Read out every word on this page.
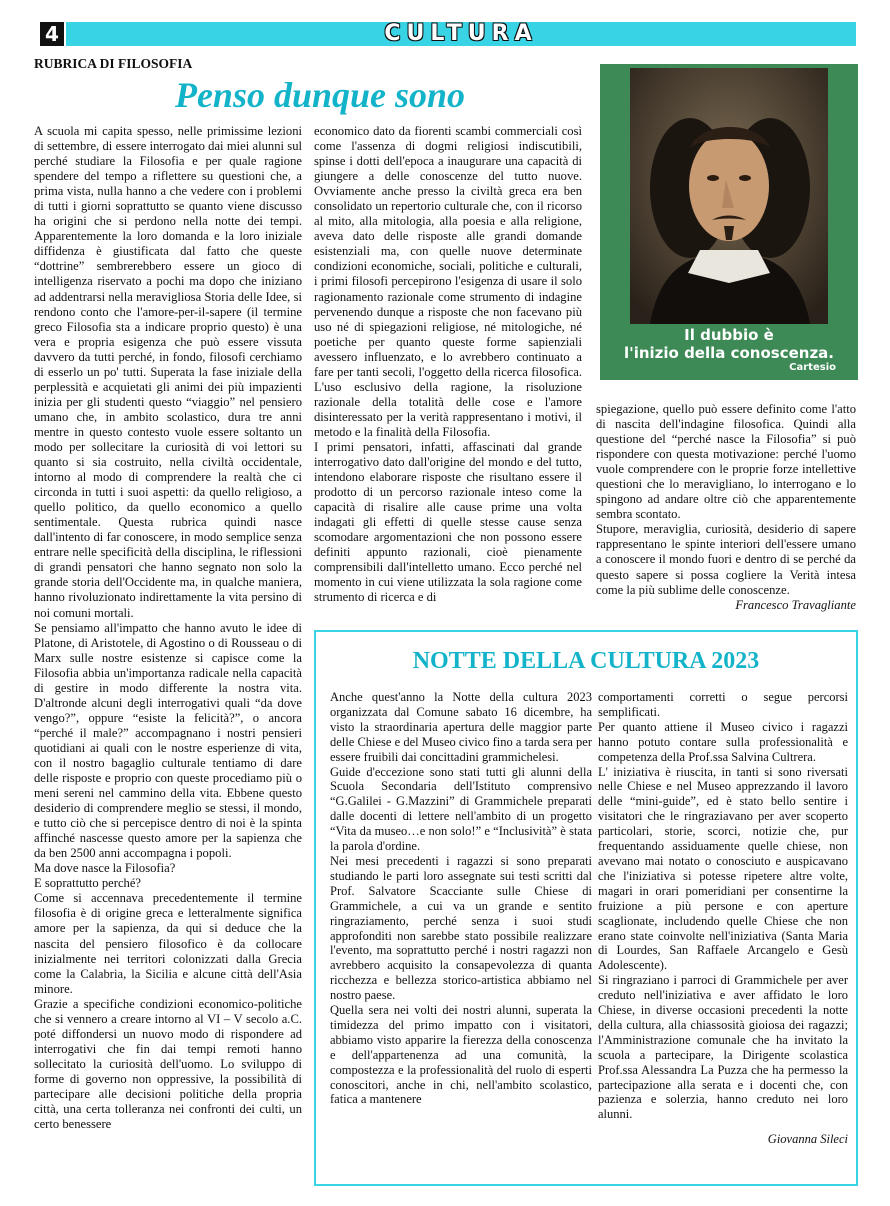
4	CULTURA
RUBRICA DI FILOSOFIA
Penso dunque sono

A scuola mi capita spesso, nelle primissime lezioni di settembre, di essere interrogato dai miei alunni sul perché studiare la Filosofia e per quale ragione spendere del tempo a riflettere su questioni che, a prima vista, nulla hanno a che vedere con i problemi di tutti i giorni soprattutto se quanto viene discusso ha origini che si perdono nella notte dei tempi. Apparentemente la loro domanda e la loro iniziale diffidenza è giustificata dal fatto che queste “dottrine” sembrerebbero essere un gioco di intelligenza riservato a pochi ma dopo che iniziano ad addentrarsi nella meravigliosa Storia delle Idee, si rendono conto che l'amore-per-il-sapere (il termine greco Filosofia sta a indicare proprio questo) è una vera e propria esigenza che può essere vissuta davvero da tutti perché, in fondo, filosofi cerchiamo di esserlo un po' tutti. Superata la fase iniziale della perplessità e acquietati gli animi dei più impazienti inizia per gli studenti questo “viaggio” nel pensiero umano che, in ambito scolastico, dura tre anni mentre in questo contesto vuole essere soltanto un modo per sollecitare la curiosità di voi lettori su quanto si sia costruito, nella civiltà occidentale, intorno al modo di comprendere la realtà che ci circonda in tutti i suoi aspetti: da quello religioso, a quello politico, da quello economico a quello sentimentale. Questa rubrica quindi nasce dall'intento di far conoscere, in modo semplice senza entrare nelle specificità della disciplina, le riflessioni di grandi pensatori che hanno segnato non solo la grande storia dell'Occidente ma, in qualche maniera, hanno rivoluzionato indirettamente la vita persino di noi comuni mortali.

Se pensiamo all'impatto che hanno avuto le idee di Platone, di Aristotele, di Agostino o di Rousseau o di Marx sulle nostre esistenze si capisce come la Filosofia abbia un'importanza radicale nella capacità di gestire in modo differente la nostra vita. D'altronde alcuni degli interrogativi quali “da dove vengo?”, oppure “esiste la felicità?”, o ancora “perché il male?” accompagnano i nostri pensieri quotidiani ai quali con le nostre esperienze di vita, con il nostro bagaglio culturale tentiamo di dare delle risposte e proprio con queste procediamo più o meni sereni nel cammino della vita. Ebbene questo desiderio di comprendere meglio se stessi, il mondo, e tutto ciò che si percepisce dentro di noi è la spinta affinché nascesse questo amore per la sapienza che da ben 2500 anni accompagna i popoli.

Ma dove nasce la Filosofia?

E soprattutto perché?

Come si accennava precedentemente il termine filosofia è di origine greca e letteralmente significa amore per la sapienza, da qui si deduce che la nascita del pensiero filosofico è da collocare inizialmente nei territori colonizzati dalla Grecia come la Calabria, la Sicilia e alcune città dell'Asia minore.

Grazie a specifiche condizioni economico-politiche che si vennero a creare intorno al VI – V secolo a.C. poté diffondersi un nuovo modo di rispondere ad interrogativi che fin dai tempi remoti hanno sollecitato la curiosità dell'uomo. Lo sviluppo di forme di governo non oppressive, la possibilità di partecipare alle decisioni politiche della propria città, una certa tolleranza nei confronti dei culti, un certo benessere

economico dato da fiorenti scambi commerciali così come l'assenza di dogmi religiosi indiscutibili, spinse i dotti dell'epoca a inaugurare una capacità di giungere a delle conoscenze del tutto nuove. Ovviamente anche presso la civiltà greca era ben consolidato un repertorio culturale che, con il ricorso al mito, alla mitologia, alla poesia e alla religione, aveva dato delle risposte alle grandi domande esistenziali ma, con quelle nuove determinate condizioni economiche, sociali, politiche e culturali, i primi filosofi percepirono l'esigenza di usare il solo ragionamento razionale come strumento di indagine pervenendo dunque a risposte che non facevano più uso né di spiegazioni religiose, né mitologiche, né poetiche per quanto queste forme sapienziali avessero influenzato, e lo avrebbero continuato a fare per tanti secoli, l'oggetto della ricerca filosofica. L'uso esclusivo della ragione, la risoluzione razionale della totalità delle cose e l'amore disinteressato per la verità rappresentano i motivi, il metodo e la finalità della Filosofia.

I primi pensatori, infatti, affascinati dal grande interrogativo dato dall'origine del mondo e del tutto, intendono elaborare risposte che risultano essere il prodotto di un percorso razionale inteso come la capacità di risalire alle cause prime una volta indagati gli effetti di quelle stesse cause senza scomodare argomentazioni che non possono essere definiti appunto razionali, cioè pienamente comprensibili dall'intelletto umano. Ecco perché nel momento in cui viene utilizzata la sola ragione come strumento di ricerca e di

Il dubbio è
l'inizio della conoscenza.
Cartesio

spiegazione, quello può essere definito come l'atto di nascita dell'indagine filosofica. Quindi alla questione del “perché nasce la Filosofia” si può rispondere con questa motivazione: perché l'uomo vuole comprendere con le proprie forze intellettive questioni che lo meravigliano, lo interrogano e lo spingono ad andare oltre ciò che apparentemente sembra scontato.

Stupore, meraviglia, curiosità, desiderio di sapere rappresentano le spinte interiori dell'essere umano a conoscere il mondo fuori e dentro di se perché da questo sapere si possa cogliere la Verità intesa come la più sublime delle conoscenze.

Francesco Travagliante

NOTTE DELLA CULTURA 2023

Anche quest'anno la Notte della cultura 2023 organizzata dal Comune sabato 16 dicembre, ha visto la straordinaria apertura delle maggior parte delle Chiese e del Museo civico fino a tarda sera per essere fruibili dai concittadini grammichelesi.

Guide d'eccezione sono stati tutti gli alunni della Scuola Secondaria dell'Istituto comprensivo “G.Galilei - G.Mazzini” di Grammichele preparati dalle docenti di lettere nell'ambito di un progetto “Vita da museo…e non solo!” e “Inclusività” è stata la parola d'ordine.

Nei mesi precedenti i ragazzi si sono preparati studiando le parti loro assegnate sui testi scritti dal Prof. Salvatore Scacciante sulle Chiese di Grammichele, a cui va un grande e sentito ringraziamento, perché senza i suoi studi approfonditi non sarebbe stato possibile realizzare l'evento, ma soprattutto perché i nostri ragazzi non avrebbero acquisito la consapevolezza di quanta ricchezza e bellezza storico-artistica abbiamo nel nostro paese.

Quella sera nei volti dei nostri alunni, superata la timidezza del primo impatto con i visitatori, abbiamo visto apparire la fierezza della conoscenza e dell'appartenenza ad una comunità, la compostezza e la professionalità del ruolo di esperti conoscitori, anche in chi, nell'ambito scolastico, fatica a mantenere

comportamenti corretti o segue percorsi semplificati.

Per quanto attiene il Museo civico i ragazzi hanno potuto contare sulla professionalità e competenza della Prof.ssa Salvina Cultrera.

L' iniziativa è riuscita, in tanti si sono riversati nelle Chiese e nel Museo apprezzando il lavoro delle “mini-guide”, ed è stato bello sentire i visitatori che le ringraziavano per aver scoperto particolari, storie, scorci, notizie che, pur frequentando assiduamente quelle chiese, non avevano mai notato o conosciuto e auspicavano che l'iniziativa si potesse ripetere altre volte, magari in orari pomeridiani per consentirne la fruizione a più persone e con aperture scaglionate, includendo quelle Chiese che non erano state coinvolte nell'iniziativa (Santa Maria di Lourdes, San Raffaele Arcangelo e Gesù Adolescente).

Si ringraziano i parroci di Grammichele per aver creduto nell'iniziativa e aver affidato le loro Chiese, in diverse occasioni precedenti la notte della cultura, alla chiassosità gioiosa dei ragazzi; l'Amministrazione comunale che ha invitato la scuola a partecipare, la Dirigente scolastica Prof.ssa Alessandra La Puzza che ha permesso la partecipazione alla serata e i docenti che, con pazienza e solerzia, hanno creduto nei loro alunni.

Giovanna Sileci
